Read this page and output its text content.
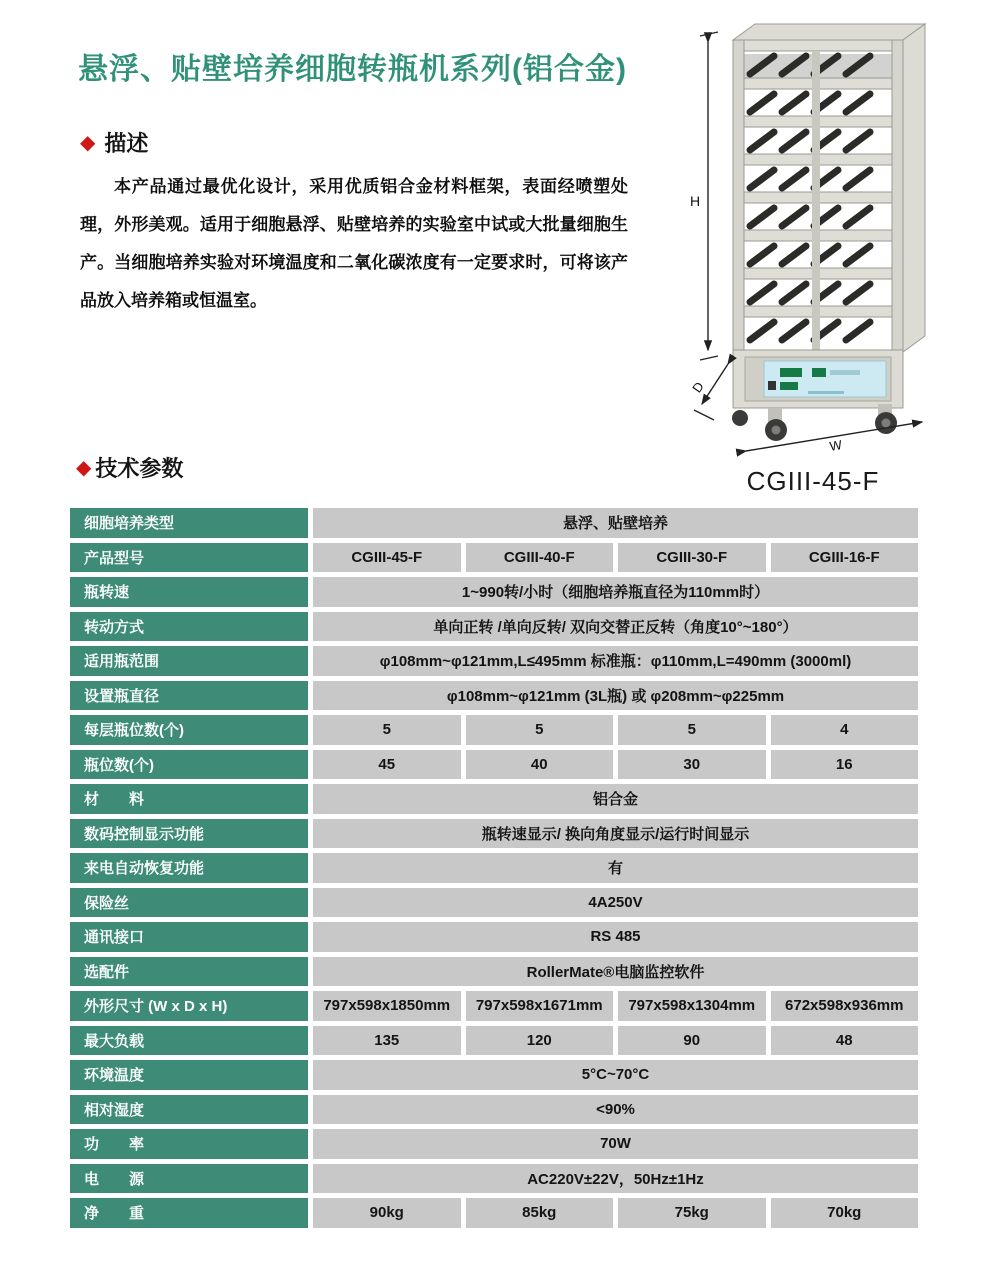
悬浮、贴壁培养细胞转瓶机系列(铝合金)
◆ 描述

本产品通过最优化设计，采用优质铝合金材料框架，表面经喷塑处理，外形美观。适用于细胞悬浮、贴壁培养的实验室中试或大批量细胞生产。当细胞培养实验对环境温度和二氧化碳浓度有一定要求时，可将该产品放入培养箱或恒温室。

H
D
W
CGIII-45-F
◆ 技术参数
细胞培养类型	悬浮、贴壁培养
产品型号	CGIII-45-F	CGIII-40-F	CGIII-30-F	CGIII-16-F
瓶转速	1~990转/小时（细胞培养瓶直径为110mm时）
转动方式	单向正转 /单向反转/ 双向交替正反转（角度10°~180°）
适用瓶范围	φ108mm~φ121mm,L≤495mm 标准瓶：φ110mm,L=490mm (3000ml)
设置瓶直径	φ108mm~φ121mm (3L瓶) 或 φ208mm~φ225mm
每层瓶位数(个)	5	5	5	4
瓶位数(个)	45	40	30	16
材　　料	铝合金
数码控制显示功能	瓶转速显示/ 换向角度显示/运行时间显示
来电自动恢复功能	有
保险丝	4A250V
通讯接口	RS 485
选配件	RollerMate®电脑监控软件
外形尺寸 (W x D x H)	797x598x1850mm	797x598x1671mm	797x598x1304mm	672x598x936mm
最大负载	135	120	90	48
环境温度	5°C~70°C
相对湿度	<90%
功　　率	70W
电　　源	AC220V±22V，50Hz±1Hz
净　　重	90kg	85kg	75kg	70kg
